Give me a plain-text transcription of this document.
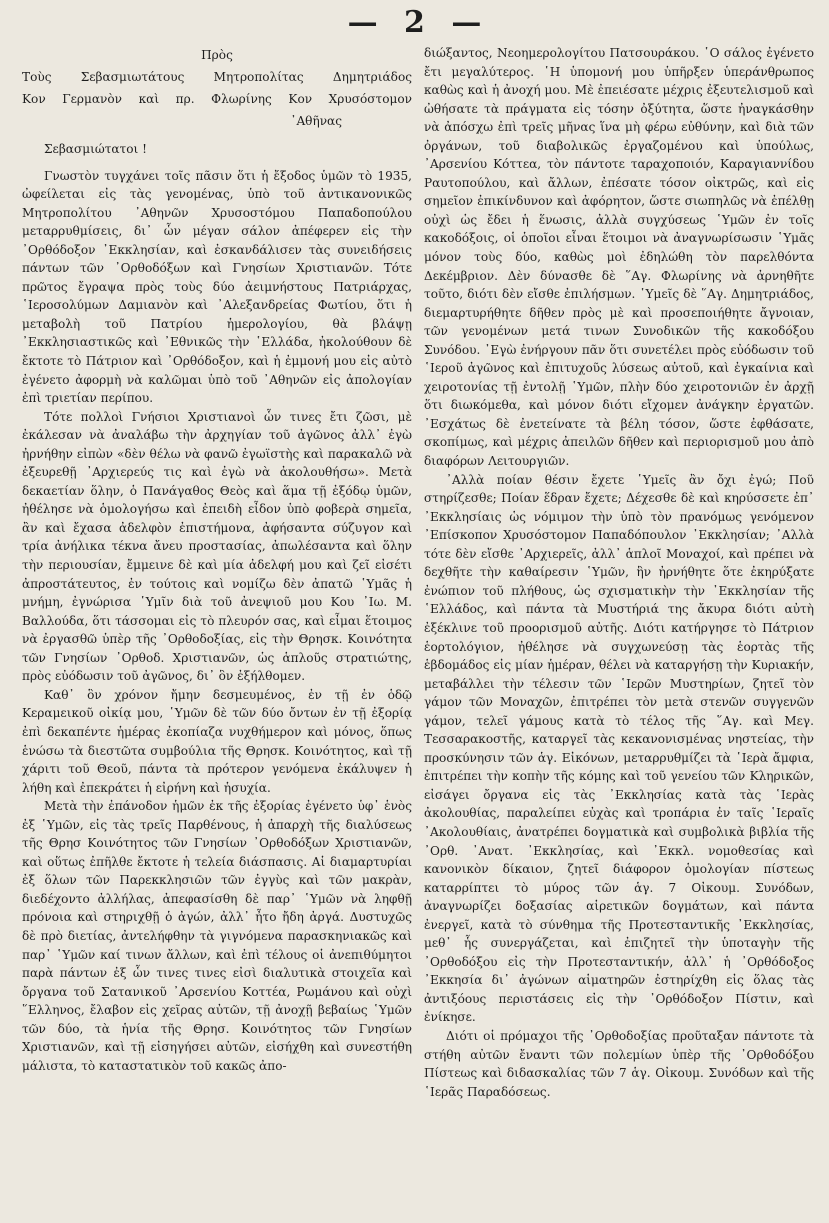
— 2 —

Πρὸς

Τοὺς Σεβασμιωτάτους Μητροπολίτας Δημητριάδος

Κον Γερμανὸν καὶ πρ. Φλωρίνης Κον Χρυσόστομον

᾿Αθῆνας

Σεβασμιώτατοι !

Γνωστὸν τυγχάνει τοῖς πᾶσιν ὅτι ἡ ἔξοδος ὑμῶν τὸ 1935, ὠφείλεται εἰς τὰς γενομένας, ὑπὸ τοῦ ἀντικανονικῶς Μητροπολίτου ᾿Αθηνῶν Χρυσοστόμου Παπαδοπούλου μεταρρυθμίσεις, δι᾿ ὧν μέγαν σάλον ἀπέφερεν εἰς τὴν ᾿Ορθόδοξον ᾿Εκκλησίαν, καὶ ἐσκανδάλισεν τὰς συνειδήσεις πάντων τῶν ᾿Ορθοδόξων καὶ Γνησίων Χριστιανῶν. Τότε πρῶτος ἔγραψα πρὸς τοὺς δύο ἀειμνήστους Πατριάρχας, ῾Ιεροσολύμων Δαμιανὸν καὶ ᾿Αλεξανδρείας Φωτίου, ὅτι ἡ μεταβολὴ τοῦ Πατρίου ἡμερολογίου, θὰ βλάψῃ ᾿Εκκλησιαστικῶς καὶ ᾿Εθνικῶς τὴν ῾Ελλάδα, ἠκολούθουν δὲ ἔκτοτε τὸ Πάτριον καὶ ᾿Ορθόδοξον, καὶ ἡ ἐμμονή μου εἰς αὐτὸ ἐγένετο ἀφορμὴ νὰ καλῶμαι ὑπὸ τοῦ ᾿Αθηνῶν εἰς ἀπολογίαν ἐπὶ τριετίαν περίπου.

Τότε πολλοὶ Γνήσιοι Χριστιανοὶ ὧν τινες ἔτι ζῶσι, μὲ ἐκάλεσαν νὰ ἀναλάβω τὴν ἀρχηγίαν τοῦ ἀγῶνος ἀλλ᾿ ἐγὼ ἠρνήθην εἰπὼν «δὲν θέλω νὰ φανῶ ἐγωϊστὴς καὶ παρακαλῶ νὰ ἐξευρεθῇ ᾿Αρχιερεύς τις καὶ ἐγὼ νὰ ἀκολουθήσω». Μετὰ δεκαετίαν ὅλην, ὁ Πανάγαθος Θεὸς καὶ ἅμα τῇ ἐξόδῳ ὑμῶν, ἠθέλησε νὰ ὁμολογήσω καὶ ἐπειδὴ εἶδον ὑπὸ φοβερὰ σημεῖα, ἂν καὶ ἔχασα ἀδελφὸν ἐπιστήμονα, ἀφήσαντα σύζυγον καὶ τρία ἀνήλικα τέκνα ἄνευ προστασίας, ἀπωλέσαντα καὶ ὅλην τὴν περιουσίαν, ἔμμεινε δὲ καὶ μία ἀδελφή μου καὶ ζεῖ εἰσέτι ἀπροστάτευτος, ἐν τούτοις καὶ νομίζω δὲν ἀπατῶ ῾Υμᾶς ἡ μνήμη, ἐγνώρισα ῾Υμῖν διὰ τοῦ ἀνεψιοῦ μου Κου ᾿Ιω. Μ. Βαλλούδα, ὅτι τάσσομαι εἰς τὸ πλευρόν σας, καὶ εἶμαι ἕτοιμος νὰ ἐργασθῶ ὑπὲρ τῆς ᾿Ορθοδοξίας, εἰς τὴν Θρησκ. Κοινότητα τῶν Γνησίων ᾿Ορθοδ. Χριστιανῶν, ὡς ἁπλοῦς στρατιώτης, πρὸς εὐόδωσιν τοῦ ἀγῶνος, δι᾿ ὃν ἐξήλθομεν.

Καθ᾿ ὃν χρόνον ἤμην δεσμευμένος, ἐν τῇ ἐν ὁδῷ Κεραμεικοῦ οἰκίᾳ μου, ῾Υμῶν δὲ τῶν δύο ὄντων ἐν τῇ ἐξορίᾳ ἐπὶ δεκαπέντε ἡμέρας ἐκοπίαζα νυχθήμερον καὶ μόνος, ὅπως ἑνώσω τὰ διεστῶτα συμβούλια τῆς Θρησκ. Κοινότητος, καὶ τῇ χάριτι τοῦ Θεοῦ, πάντα τὰ πρότερον γενόμενα ἐκάλυψεν ἡ λήθη καὶ ἐπεκράτει ἡ εἰρήνη καὶ ἡσυχία.

Μετὰ τὴν ἐπάνοδον ἡμῶν ἐκ τῆς ἐξορίας ἐγένετο ὑφ᾿ ἑνὸς ἐξ ῾Υμῶν, εἰς τὰς τρεῖς Παρθένους, ἡ ἀπαρχὴ τῆς διαλύσεως τῆς Θρησ Κοινότητος τῶν Γνησίων ᾿Ορθοδόξων Χριστιανῶν, καὶ οὕτως ἐπῆλθε ἔκτοτε ἡ τελεία διάσπασις. Αἱ διαμαρτυρίαι ἐξ ὅλων τῶν Παρεκκλησιῶν τῶν ἐγγὺς καὶ τῶν μακρὰν, διεδέχοντο ἀλλήλας, ἀπεφασίσθη δὲ παρ᾿ ῾Υμῶν νὰ ληφθῇ πρόνοια καὶ στηριχθῇ ὁ ἀγών, ἀλλ᾿ ἦτο ἤδη ἀργά. Δυστυχῶς δὲ πρὸ διετίας, ἀντελήφθην τὰ γιγνόμενα παρασκηνιακῶς καὶ παρ᾿ ῾Υμῶν καί τινων ἄλλων, καὶ ἐπὶ τέλους οἱ ἀνεπιθύμητοι παρὰ πάντων ἐξ ὧν τινες τινες εἰσὶ διαλυτικὰ στοιχεῖα καὶ ὄργανα τοῦ Σατανικοῦ ᾿Αρσενίου Κοττέα, Ρωμάνου καὶ οὐχὶ ῞Ελληνος, ἔλαβον εἰς χεῖρας αὐτῶν, τῇ ἀνοχῇ βεβαίως ῾Υμῶν τῶν δύο, τὰ ἡνία τῆς Θρησ. Κοινότητος τῶν Γνησίων Χριστιανῶν, καὶ τῇ εἰσηγήσει αὐτῶν, εἰσήχθη καὶ συνεστήθη μάλιστα, τὸ καταστατικὸν τοῦ κακῶς ἀπο-

διώξαντος, Νεοημερολογίτου Πατσουράκου. ῾Ο σάλος ἐγένετο ἔτι μεγαλύτερος. ῾Η ὑπομονή μου ὑπῆρξεν ὑπεράνθρωπος καθὼς καὶ ἡ ἀνοχή μου. Μὲ ἐπειέσατε μέχρις ἐξευτελισμοῦ καὶ ὠθήσατε τὰ πράγματα εἰς τόσην ὀξύτητα, ὥστε ἠναγκάσθην νὰ ἀπόσχω ἐπὶ τρεῖς μῆνας ἵνα μὴ φέρω εὐθύνην, καὶ διὰ τῶν ὀργάνων, τοῦ διαβολικῶς ἐργαζομένου καὶ ὑπούλως, ᾿Αρσενίου Κόττεα, τὸν πάντοτε ταραχοποιόν, Καραγιαννίδου Ραυτοπούλου, καὶ ἄλλων, ἐπέσατε τόσον οἰκτρῶς, καὶ εἰς σημεῖον ἐπικίνδυνον καὶ ἀφόρητον, ὥστε σιωπηλῶς νὰ ἐπέλθῃ οὐχὶ ὡς ἔδει ἡ ἕνωσις, ἀλλὰ συγχύσεως ῾Υμῶν ἐν τοῖς κακοδόξοις, οἱ ὁποῖοι εἶναι ἕτοιμοι νὰ ἀναγνωρίσωσιν ῾Υμᾶς μόνον τοὺς δύο, καθὼς μοὶ ἐδηλώθη τὸν παρελθόντα Δεκέμβριον. Δὲν δύνασθε δὲ ῞Αγ. Φλωρίνης νὰ ἀρνηθῆτε τοῦτο, διότι δὲν εἴσθε ἐπιλήσμων. ῾Υμεῖς δὲ ῞Αγ. Δημητριάδος, διεμαρτυρήθητε δῆθεν πρὸς μὲ καὶ προσεποιήθητε ἄγνοιαν, τῶν γενομένων μετά τινων Συνοδικῶν τῆς κακοδόξου Συνόδου. ᾿Εγὼ ἐνήργουν πᾶν ὅτι συνετέλει πρὸς εὐόδωσιν τοῦ ῾Ιεροῦ ἀγῶνος καὶ ἐπιτυχοῦς λύσεως αὐτοῦ, καὶ ἐγκαίνια καὶ χειροτονίας τῇ ἐντολῇ ῾Υμῶν, πλὴν δύο χειροτονιῶν ἐν ἀρχῇ ὅτι διωκόμεθα, καὶ μόνον διότι εἴχομεν ἀνάγκην ἐργατῶν. ᾿Εσχάτως δὲ ἐνετείνατε τὰ βέλη τόσον, ὥστε ἐφθάσατε, σκοπίμως, καὶ μέχρις ἀπειλῶν δῆθεν καὶ περιορισμοῦ μου ἀπὸ διαφόρων Λειτουργιῶν.

᾿Αλλὰ ποίαν θέσιν ἔχετε ῾Υμεῖς ἂν ὄχι ἐγώ; Ποῦ στηρίζεσθε; Ποίαν ἕδραν ἔχετε; Δέχεσθε δὲ καὶ κηρύσσετε ἐπ᾿ ᾿Εκκλησίαις ὡς νόμιμον τὴν ὑπὸ τὸν πρανόμως γενόμενον ᾿Επίσκοπον Χρυσόστομον Παπαδόπουλον ᾿Εκκλησίαν; ᾿Αλλὰ τότε δὲν εἴσθε ᾿Αρχιερεῖς, ἀλλ᾿ ἁπλοῖ Μοναχοί, καὶ πρέπει νὰ δεχθῆτε τὴν καθαίρεσιν ῾Υμῶν, ἣν ἠρνήθητε ὅτε ἐκηρύξατε ἐνώπιον τοῦ πλήθους, ὡς σχισματικὴν τὴν ᾿Εκκλησίαν τῆς ῾Ελλάδος, καὶ πάντα τὰ Μυστήριά της ἄκυρα διότι αὐτὴ ἐξέκλινε τοῦ προορισμοῦ αὐτῆς. Διότι κατήργησε τὸ Πάτριον ἑορτολόγιον, ἠθέλησε νὰ συγχωνεύσῃ τὰς ἑορτὰς τῆς ἑβδομάδος εἰς μίαν ἡμέραν, θέλει νὰ καταργήσῃ τὴν Κυριακήν, μεταβάλλει τὴν τέλεσιν τῶν ῾Ιερῶν Μυστηρίων, ζητεῖ τὸν γάμον τῶν Μοναχῶν, ἐπιτρέπει τὸν μετὰ στενῶν συγγενῶν γάμον, τελεῖ γάμους κατὰ τὸ τέλος τῆς ῞Αγ. καὶ Μεγ. Τεσσαρακοστῆς, καταργεῖ τὰς κεκανονισμένας νηστείας, τὴν προσκύνησιν τῶν ἁγ. Εἰκόνων, μεταρρυθμίζει τὰ ῾Ιερὰ ἄμφια, ἐπιτρέπει τὴν κοπὴν τῆς κόμης καὶ τοῦ γενείου τῶν Κληρικῶν, εἰσάγει ὄργανα εἰς τὰς ᾿Εκκλησίας κατὰ τὰς ῾Ιερὰς ἀκολουθίας, παραλείπει εὐχὰς καὶ τροπάρια ἐν ταῖς ῾Ιεραῖς ᾿Ακολουθίαις, ἀνατρέπει δογματικὰ καὶ συμβολικὰ βιβλία τῆς ᾿Ορθ. ᾿Ανατ. ᾿Εκκλησίας, καὶ ᾿Εκκλ. νομοθεσίας καὶ κανονικὸν δίκαιον, ζητεῖ διάφορον ὁμολογίαν πίστεως καταρρίπτει τὸ μύρος τῶν ἁγ. 7 Οἰκουμ. Συνόδων, ἀναγνωρίζει δοξασίας αἱρετικῶν δογμάτων, καὶ πάντα ἐνεργεῖ, κατὰ τὸ σύνθημα τῆς Προτεσταντικῆς ᾿Εκκλησίας, μεθ᾿ ἧς συνεργάζεται, καὶ ἐπιζητεῖ τὴν ὑποταγὴν τῆς ᾿Ορθοδόξου εἰς τὴν Προτεσταντικήν, ἀλλ᾿ ἡ ᾿Ορθόδοξος ᾿Εκκησία δι᾿ ἀγώνων αἱματηρῶν ἐστηρίχθη εἰς ὅλας τὰς ἀντιξόους περιστάσεις εἰς τὴν ᾿Ορθόδοξον Πίστιν, καὶ ἐνίκησε.

Διότι οἱ πρόμαχοι τῆς ᾿Ορθοδοξίας προῦταξαν πάντοτε τὰ στήθη αὐτῶν ἔναντι τῶν πολεμίων ὑπὲρ τῆς ᾿Ορθοδόξου Πίστεως καὶ διδασκαλίας τῶν 7 ἁγ. Οἰκουμ. Συνόδων καὶ τῆς ῾Ιερᾶς Παραδόσεως.
